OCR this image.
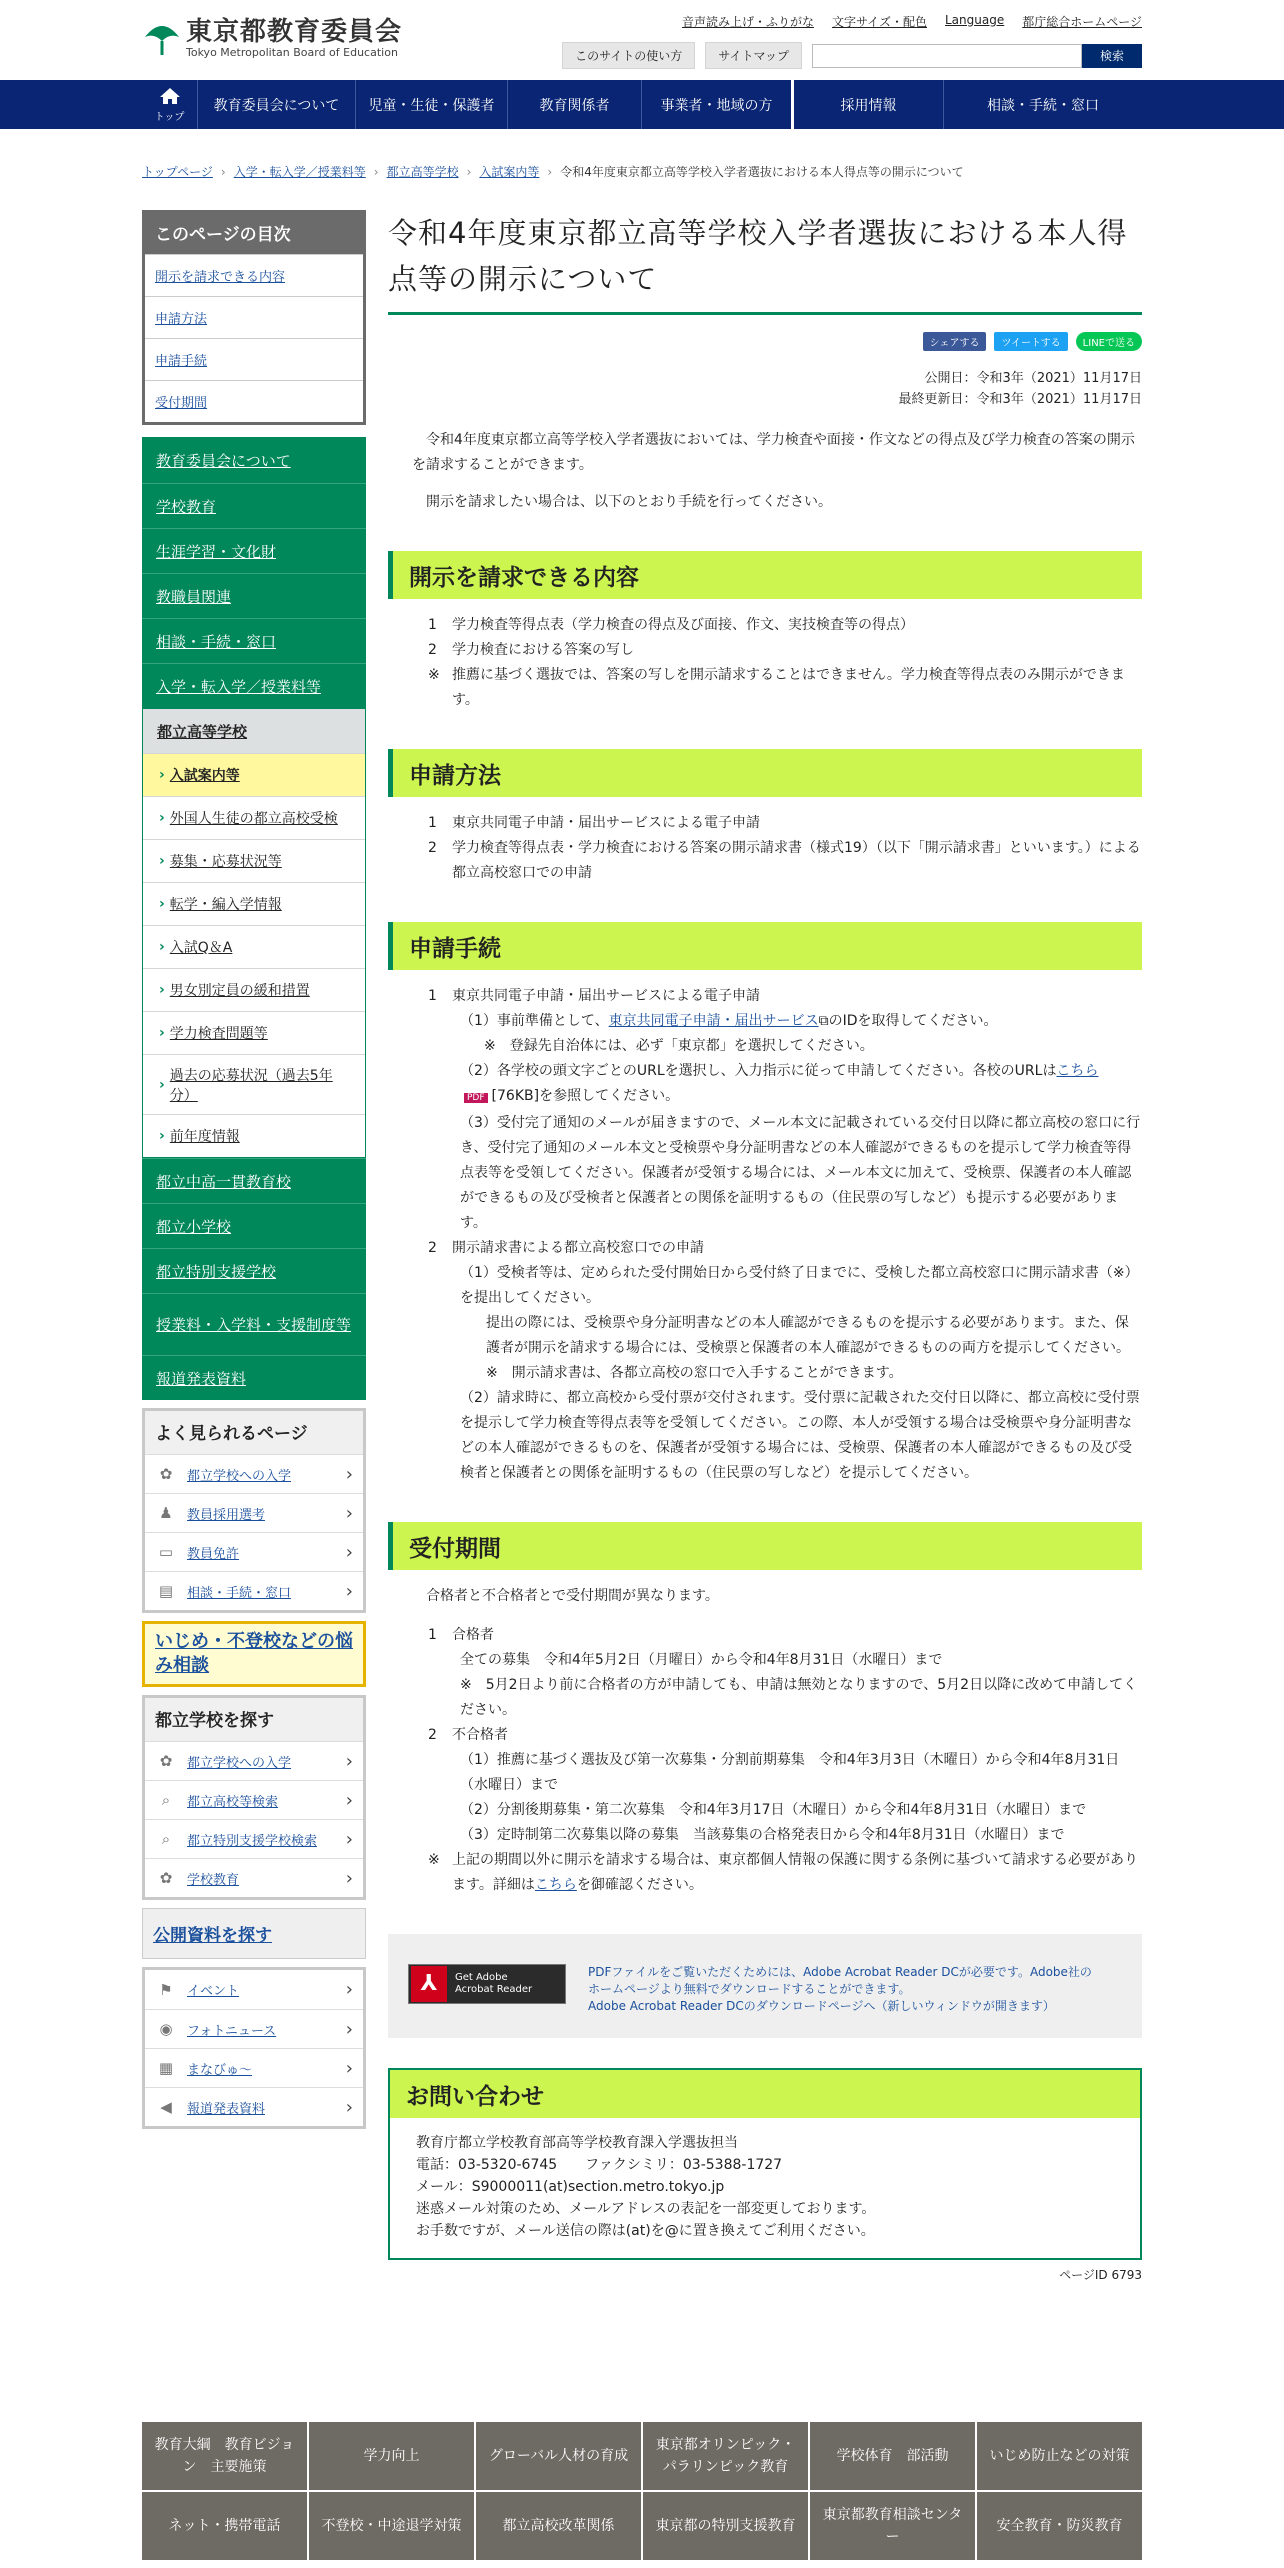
東京都教育委員会
Tokyo Metropolitan Board of Education
音声読み上げ・ふりがな 文字サイズ・配色 Language 都庁総合ホームページ
このサイトの使い方	サイトマップ	検索
トップ
教育委員会について	児童・生徒・保護者	教育関係者	事業者・地域の方	採用情報	相談・手続・窓口
トップページ › 入学・転入学／授業料等 › 都立高等学校 › 入試案内等 › 令和4年度東京都立高等学校入学者選抜における本人得点等の開示について
このページの目次
開示を請求できる内容
申請方法
申請手続
受付期間
教育委員会について
学校教育
生涯学習・文化財
教職員関連
相談・手続・窓口
入学・転入学／授業料等
都立高等学校
› 入試案内等
› 外国人生徒の都立高校受検
› 募集・応募状況等
› 転学・編入学情報
› 入試Q＆A
› 男女別定員の緩和措置
› 学力検査問題等
›
過去の応募状況（過去5年分）
› 前年度情報
都立中高一貫教育校
都立小学校
都立特別支援学校
授業料・入学料・支援制度等
報道発表資料
よく見られるページ
✿	都立学校への入学	›
♟	教員採用選考	›
▭	教員免許	›
▤	相談・手続・窓口	›
いじめ・不登校などの悩み相談
都立学校を探す
✿	都立学校への入学	›
⌕	都立高校等検索	›
⌕	都立特別支援学校検索	›
✿	学校教育	›
公開資料を探す
⚑	イベント	›
◉	フォトニュース	›
▦	まなびゅ～	›
◀	報道発表資料	›
令和4年度東京都立高等学校入学者選抜における本人得点等の開示について
シェアする	ツイートする	LINEで送る
公開日：令和3年（2021）11月17日
最終更新日：令和3年（2021）11月17日
令和4年度東京都立高等学校入学者選抜においては、学力検査や面接・作文などの得点及び学力検査の答案の開示を請求することができます。
開示を請求したい場合は、以下のとおり手続を行ってください。
開示を請求できる内容
1	学力検査等得点表（学力検査の得点及び面接、作文、実技検査等の得点）
2	学力検査における答案の写し
※ 推薦に基づく選抜では、答案の写しを開示請求することはできません。学力検査等得点表のみ開示ができます。
申請方法
1	東京共同電子申請・届出サービスによる電子申請
2	学力検査等得点表・学力検査における答案の開示請求書（様式19）（以下「開示請求書」といいます。）による都立高校窓口での申請
申請手続
1	東京共同電子申請・届出サービスによる電子申請
（1）事前準備として、東京共同電子申請・届出サービス⧉のIDを取得してください。
※　登録先自治体には、必ず「東京都」を選択してください。
（2）各学校の頭文字ごとのURLを選択し、入力指示に従って申請してください。各校のURLはこちらPDF [76KB]を参照してください。
（3）受付完了通知のメールが届きますので、メール本文に記載されている交付日以降に都立高校の窓口に行き、受付完了通知のメール本文と受検票や身分証明書などの本人確認ができるものを提示して学力検査等得点表等を受領してください。保護者が受領する場合には、メール本文に加えて、受検票、保護者の本人確認ができるもの及び受検者と保護者との関係を証明するもの（住民票の写しなど）も提示する必要があります。
2	開示請求書による都立高校窓口での申請
（1）受検者等は、定められた受付開始日から受付終了日までに、受検した都立高校窓口に開示請求書（※）を提出してください。
提出の際には、受検票や身分証明書などの本人確認ができるものを提示する必要があります。また、保護者が開示を請求する場合には、受検票と保護者の本人確認ができるものの両方を提示してください。
※　開示請求書は、各都立高校の窓口で入手することができます。
（2）請求時に、都立高校から受付票が交付されます。受付票に記載された交付日以降に、都立高校に受付票を提示して学力検査等得点表等を受領してください。この際、本人が受領する場合は受検票や身分証明書などの本人確認ができるものを、保護者が受領する場合には、受検票、保護者の本人確認ができるもの及び受検者と保護者との関係を証明するもの（住民票の写しなど）を提示してください。
受付期間
合格者と不合格者とで受付期間が異なります。
1	合格者
全ての募集　令和4年5月2日（月曜日）から令和4年8月31日（水曜日）まで
※　5月2日より前に合格者の方が申請しても、申請は無効となりますので、5月2日以降に改めて申請してください。
2	不合格者
（1）推薦に基づく選抜及び第一次募集・分割前期募集　令和4年3月3日（木曜日）から令和4年8月31日（水曜日）まで
（2）分割後期募集・第二次募集　令和4年3月17日（木曜日）から令和4年8月31日（水曜日）まで
（3）定時制第二次募集以降の募集　当該募集の合格発表日から令和4年8月31日（水曜日）まで
※ 上記の期間以外に開示を請求する場合は、東京都個人情報の保護に関する条例に基づいて請求する必要があります。詳細はこちらを御確認ください。
⅄	Get Adobe
Acrobat Reader
PDFファイルをご覧いただくためには、Adobe Acrobat Reader DCが必要です。Adobe社のホームページより無料でダウンロードすることができます。
Adobe Acrobat Reader DCのダウンロードページへ（新しいウィンドウが開きます）
お問い合わせ
教育庁都立学校教育部高等学校教育課入学選抜担当
電話：03-5320-6745　　ファクシミリ：03-5388-1727
メール：S9000011(at)section.metro.tokyo.jp
迷惑メール対策のため、メールアドレスの表記を一部変更しております。
お手数ですが、メール送信の際は(at)を@に置き換えてご利用ください。
ページID 6793
教育大綱　教育ビジョン　主要施策
学力向上	グローバル人材の育成
東京都オリンピック・パラリンピック教育
学校体育　部活動	いじめ防止などの対策
ネット・携帯電話	不登校・中途退学対策	都立高校改革関係	東京都の特別支援教育
東京都教育相談センター
安全教育・防災教育
